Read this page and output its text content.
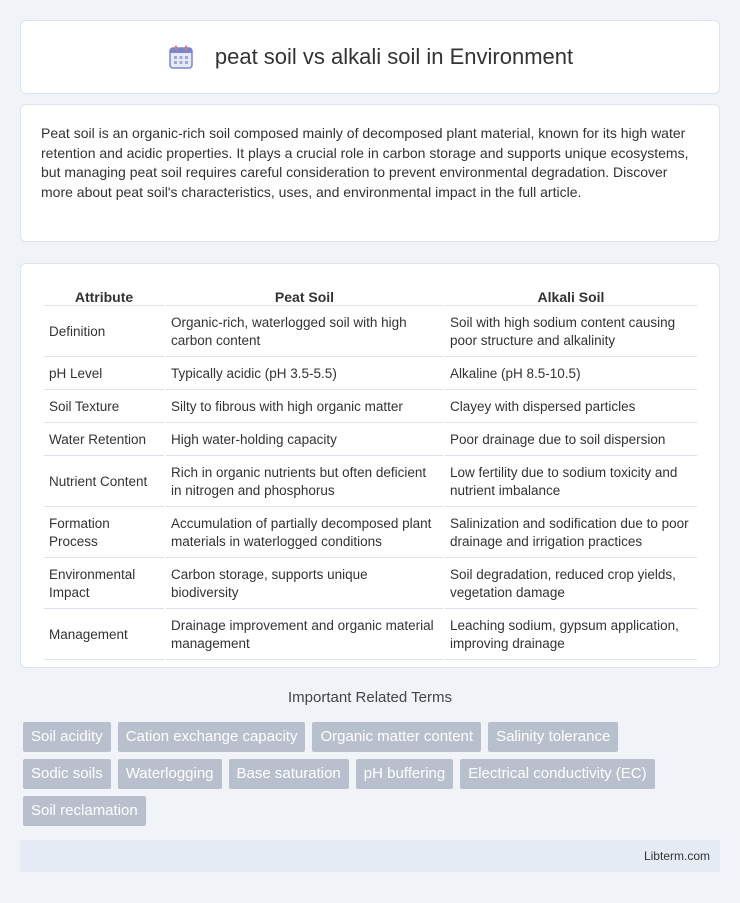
peat soil vs alkali soil in Environment

Peat soil is an organic-rich soil composed mainly of decomposed plant material, known for its high water retention and acidic properties. It plays a crucial role in carbon storage and supports unique ecosystems, but managing peat soil requires careful consideration to prevent environmental degradation. Discover more about peat soil's characteristics, uses, and environmental impact in the full article.

Attribute	Peat Soil	Alkali Soil
Definition	Organic-rich, waterlogged soil with high carbon content	Soil with high sodium content causing poor structure and alkalinity
pH Level	Typically acidic (pH 3.5-5.5)	Alkaline (pH 8.5-10.5)
Soil Texture	Silty to fibrous with high organic matter	Clayey with dispersed particles
Water Retention	High water-holding capacity	Poor drainage due to soil dispersion
Nutrient Content	Rich in organic nutrients but often deficient in nitrogen and phosphorus	Low fertility due to sodium toxicity and nutrient imbalance
Formation Process	Accumulation of partially decomposed plant materials in waterlogged conditions	Salinization and sodification due to poor drainage and irrigation practices
Environmental Impact	Carbon storage, supports unique biodiversity	Soil degradation, reduced crop yields, vegetation damage
Management	Drainage improvement and organic material management	Leaching sodium, gypsum application, improving drainage
Important Related Terms
Soil acidity	Cation exchange capacity	Organic matter content	Salinity tolerance
Sodic soils	Waterlogging	Base saturation	pH buffering	Electrical conductivity (EC)
Soil reclamation
Libterm.com
